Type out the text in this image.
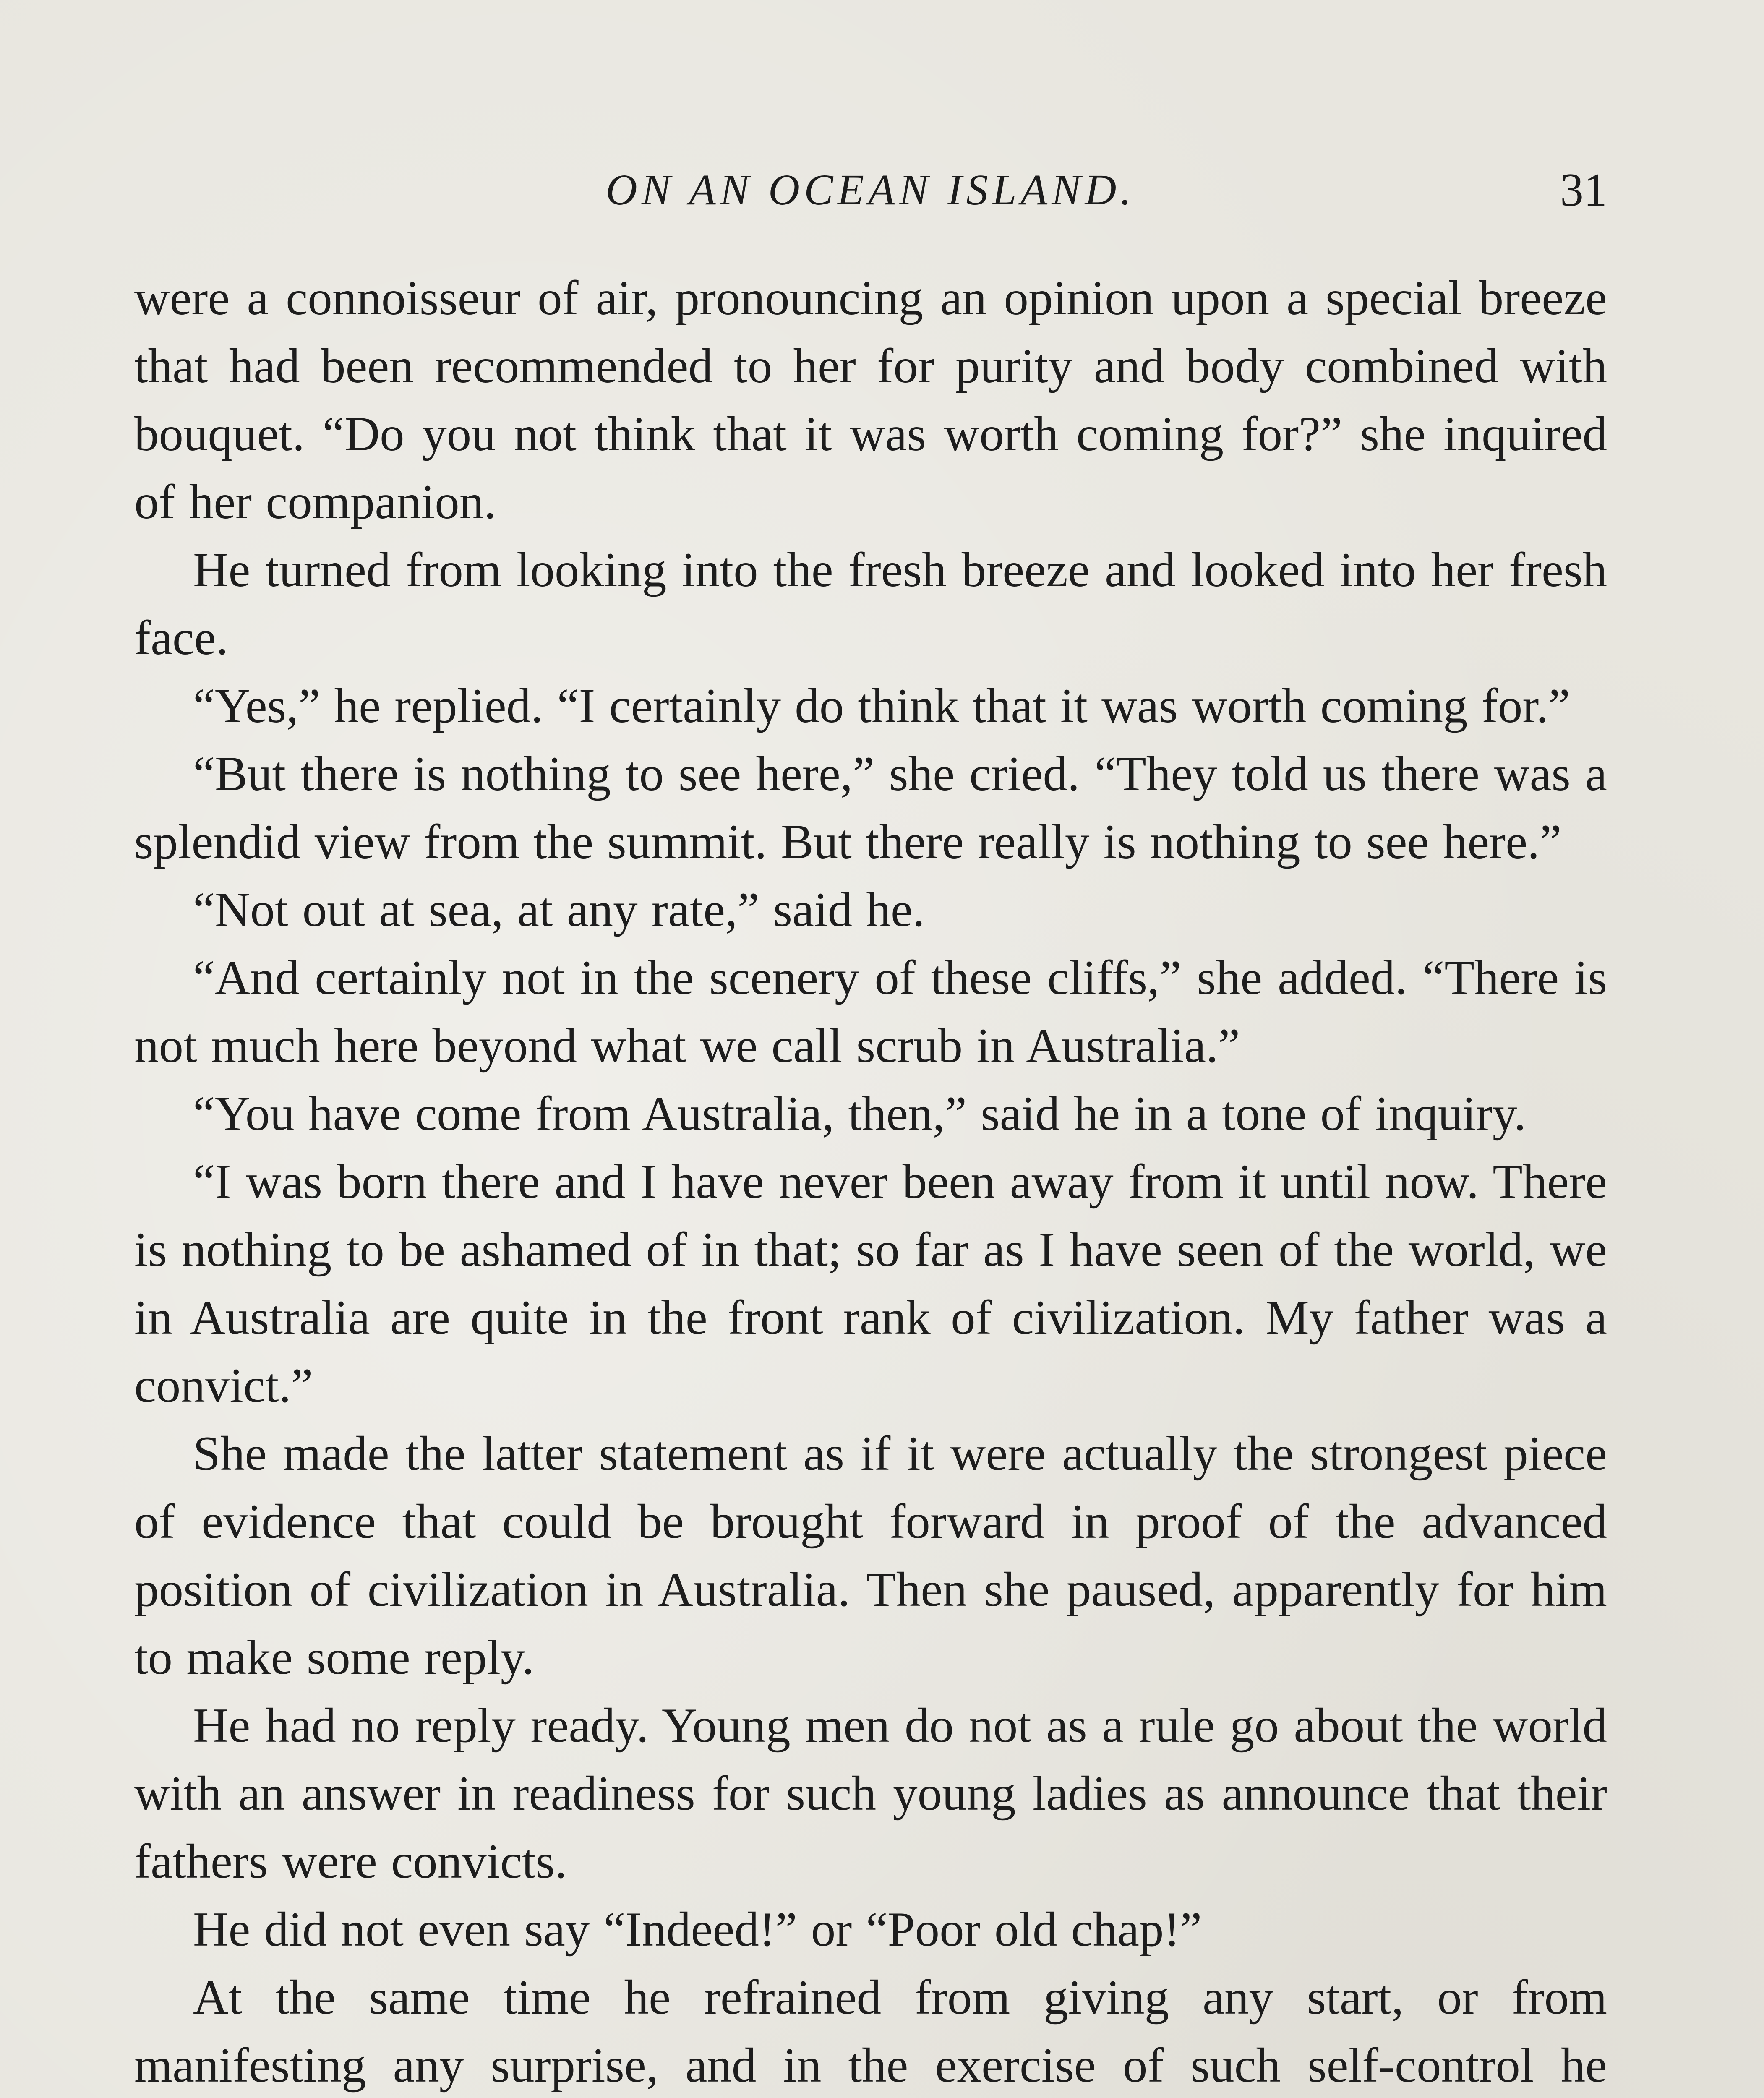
ON AN OCEAN ISLAND.	31

were a connoisseur of air, pronouncing an opinion upon a special breeze that had been recommended to her for purity and body combined with bouquet. “Do you not think that it was worth coming for?” she inquired of her companion.

He turned from looking into the fresh breeze and looked into her fresh face.

“Yes,” he replied. “I certainly do think that it was worth coming for.”

“But there is nothing to see here,” she cried. “They told us there was a splendid view from the summit. But there really is nothing to see here.”

“Not out at sea, at any rate,” said he.

“And certainly not in the scenery of these cliffs,” she added. “There is not much here beyond what we call scrub in Australia.”

“You have come from Australia, then,” said he in a tone of inquiry.

“I was born there and I have never been away from it until now. There is nothing to be ashamed of in that; so far as I have seen of the world, we in Australia are quite in the front rank of civilization. My father was a convict.”

She made the latter statement as if it were actually the strongest piece of evidence that could be brought forward in proof of the advanced position of civilization in Australia. Then she paused, apparently for him to make some reply.

He had no reply ready. Young men do not as a rule go about the world with an answer in readiness for such young ladies as announce that their fathers were convicts.

He did not even say “Indeed!” or “Poor old chap!”

At the same time he refrained from giving any start, or from manifesting any surprise, and in the exercise of such self-control he
